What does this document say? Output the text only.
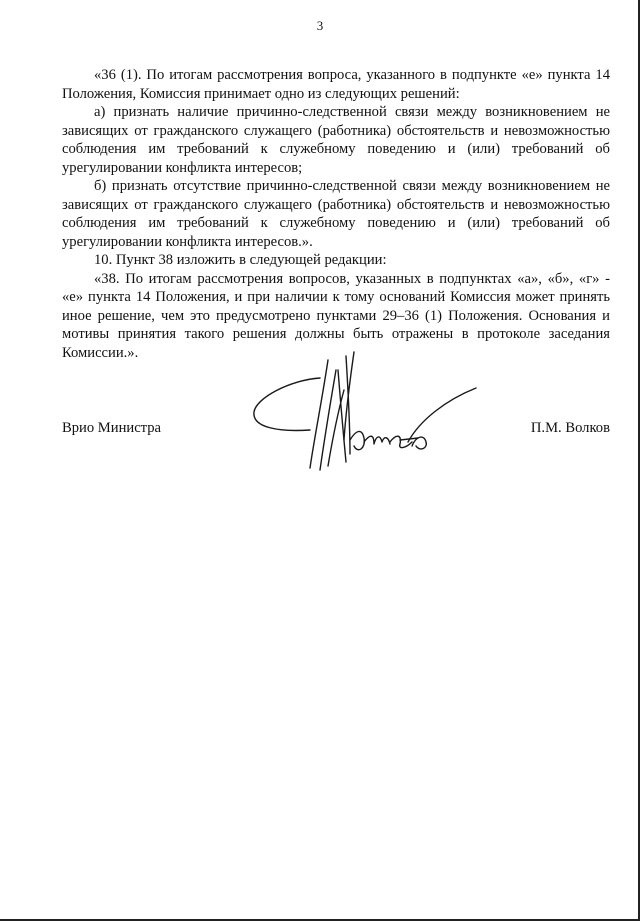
3

«36 (1). По итогам рассмотрения вопроса, указанного в подпункте «е» пункта 14 Положения, Комиссия принимает одно из следующих решений:

а) признать наличие причинно-следственной связи между возникновением не зависящих от гражданского служащего (работника) обстоятельств и невозможностью соблюдения им требований к служебному поведению и (или) требований об урегулировании конфликта интересов;

б) признать отсутствие причинно-следственной связи между возникновением не зависящих от гражданского служащего (работника) обстоятельств и невозможностью соблюдения им требований к служебному поведению и (или) требований об урегулировании конфликта интересов.».

10. Пункт 38 изложить в следующей редакции:

«38. По итогам рассмотрения вопросов, указанных в подпунктах «а», «б», «г» - «е» пункта 14 Положения, и при наличии к тому оснований Комиссия может принять иное решение, чем это предусмотрено пунктами 29–36 (1) Положения. Основания и мотивы принятия такого решения должны быть отражены в протоколе заседания Комиссии.».

Врио Министра	П.М. Волков
